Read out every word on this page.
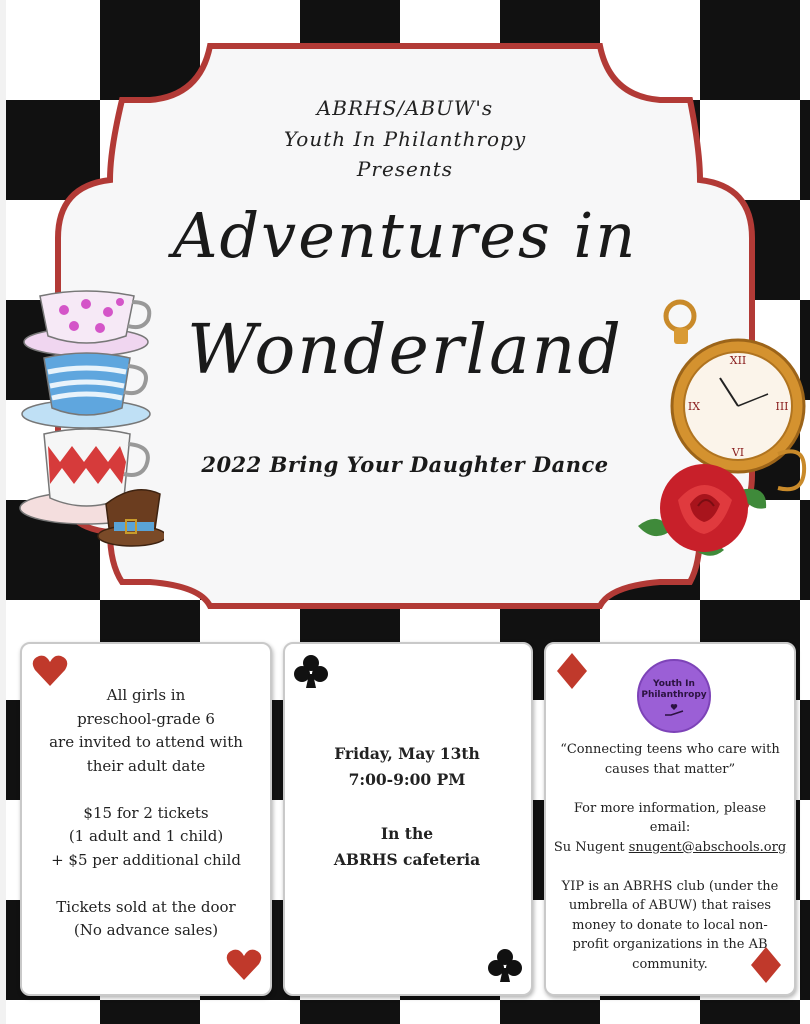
ABRHS/ABUW's
Youth In Philanthropy
Presents
Adventures in
Wonderland
2022 Bring Your Daughter Dance
XII
III
VI
IX
All girls in
preschool-grade 6
are invited to attend with
their adult date
$15 for 2 tickets
(1 adult and 1 child)
+ $5 per additional child
Tickets sold at the door
(No advance sales)
Friday, May 13th
7:00-9:00 PM
In the
ABRHS cafeteria
“Connecting teens who care with
causes that matter”
For more information, please
email:
Su Nugent snugent@abschools.org
YIP is an ABRHS club (under the
umbrella of ABUW) that raises
money to donate to local non-
profit organizations in the AB
community.
Youth In
Philanthropy
